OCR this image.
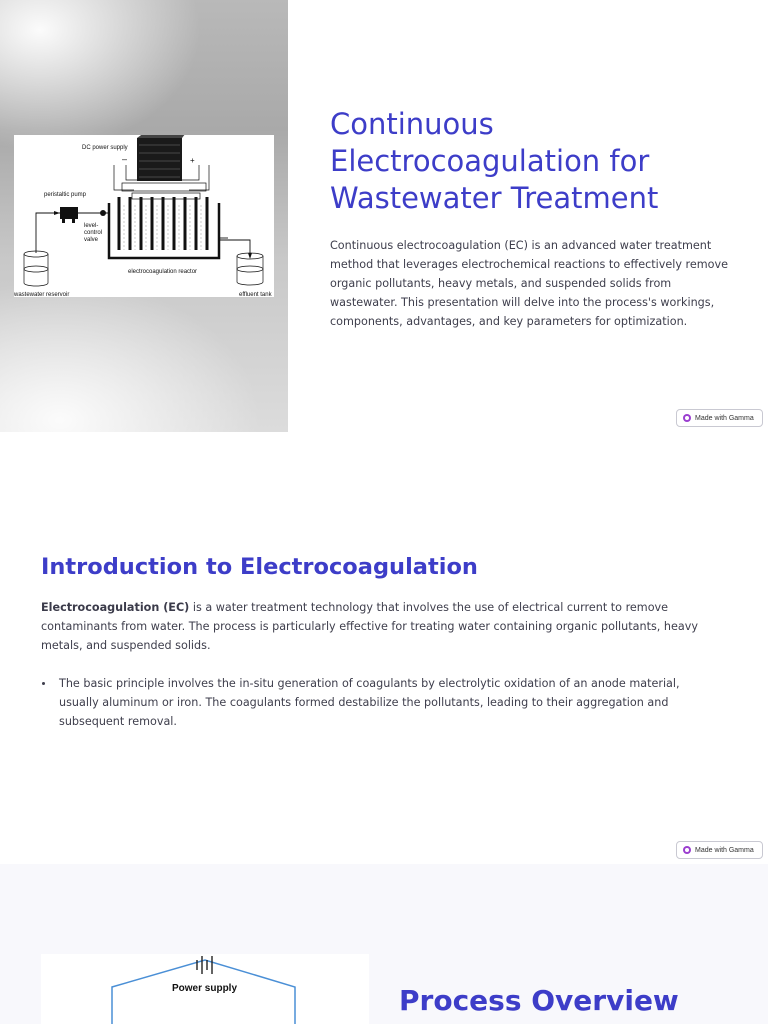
DC power supply
–	+
electrocoagulation reactor
peristaltic pump
level-
control
valve
wastewater reservoir	effluent tank
Continuous Electrocoagulation for Wastewater Treatment

Continuous electrocoagulation (EC) is an advanced water treatment method that leverages electrochemical reactions to effectively remove organic pollutants, heavy metals, and suspended solids from wastewater. This presentation will delve into the process's workings, components, advantages, and key parameters for optimization.

Made with Gamma
Introduction to Electrocoagulation

Electrocoagulation (EC) is a water treatment technology that involves the use of electrical current to remove contaminants from water. The process is particularly effective for treating water containing organic pollutants, heavy metals, and suspended solids.

The basic principle involves the in-situ generation of coagulants by electrolytic oxidation of an anode material, usually aluminum or iron. The coagulants formed destabilize the pollutants, leading to their aggregation and subsequent removal.
Made with Gamma
Power supply	Process Overview
